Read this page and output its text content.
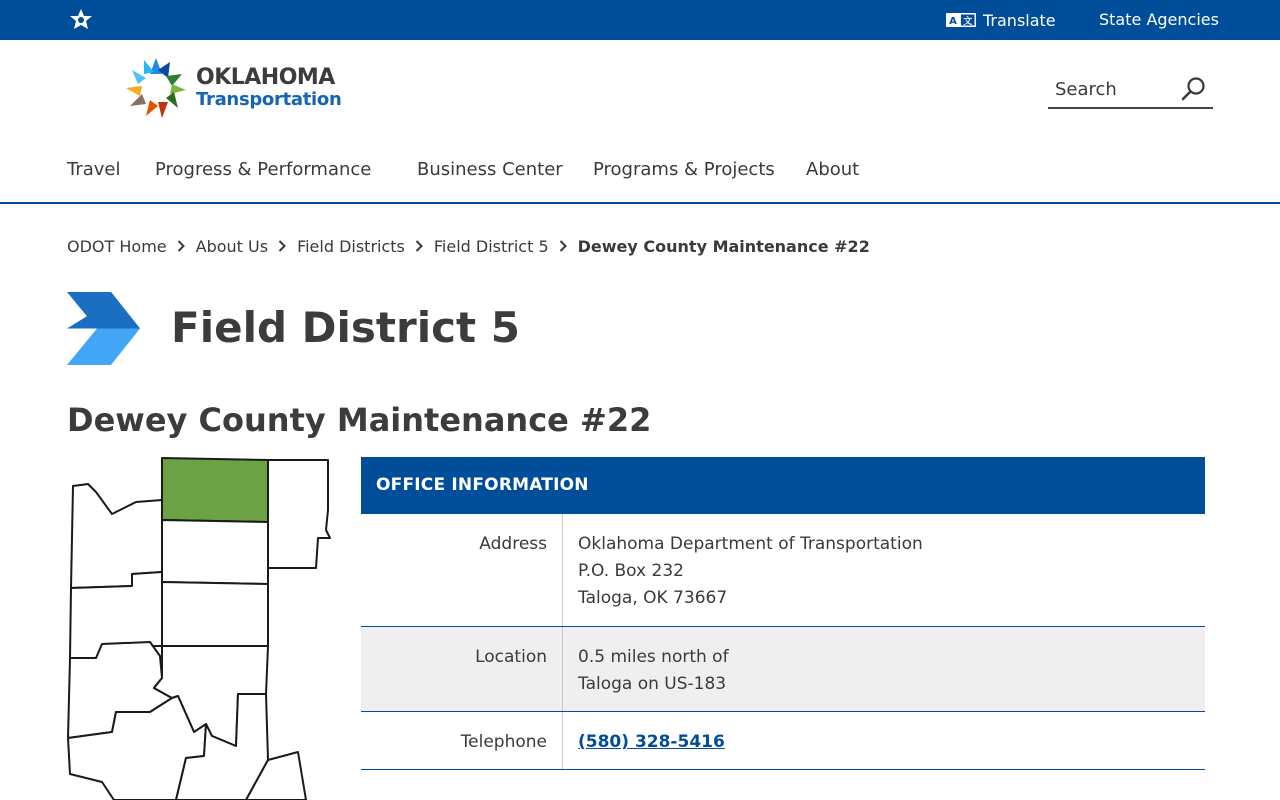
A 文 Translate	State Agencies
OKLAHOMA
Transportation
Search
Travel Progress & Performance	Business Center Programs & Projects About
ODOT Home About Us Field Districts Field District 5 Dewey County Maintenance #22
Field District 5
Dewey County Maintenance #22
OFFICE INFORMATION
Address	Oklahoma Department of Transportation
P.O. Box 232
Taloga, OK 73667
Location	0.5 miles north of
Taloga on US-183
Telephone	(580) 328-5416
